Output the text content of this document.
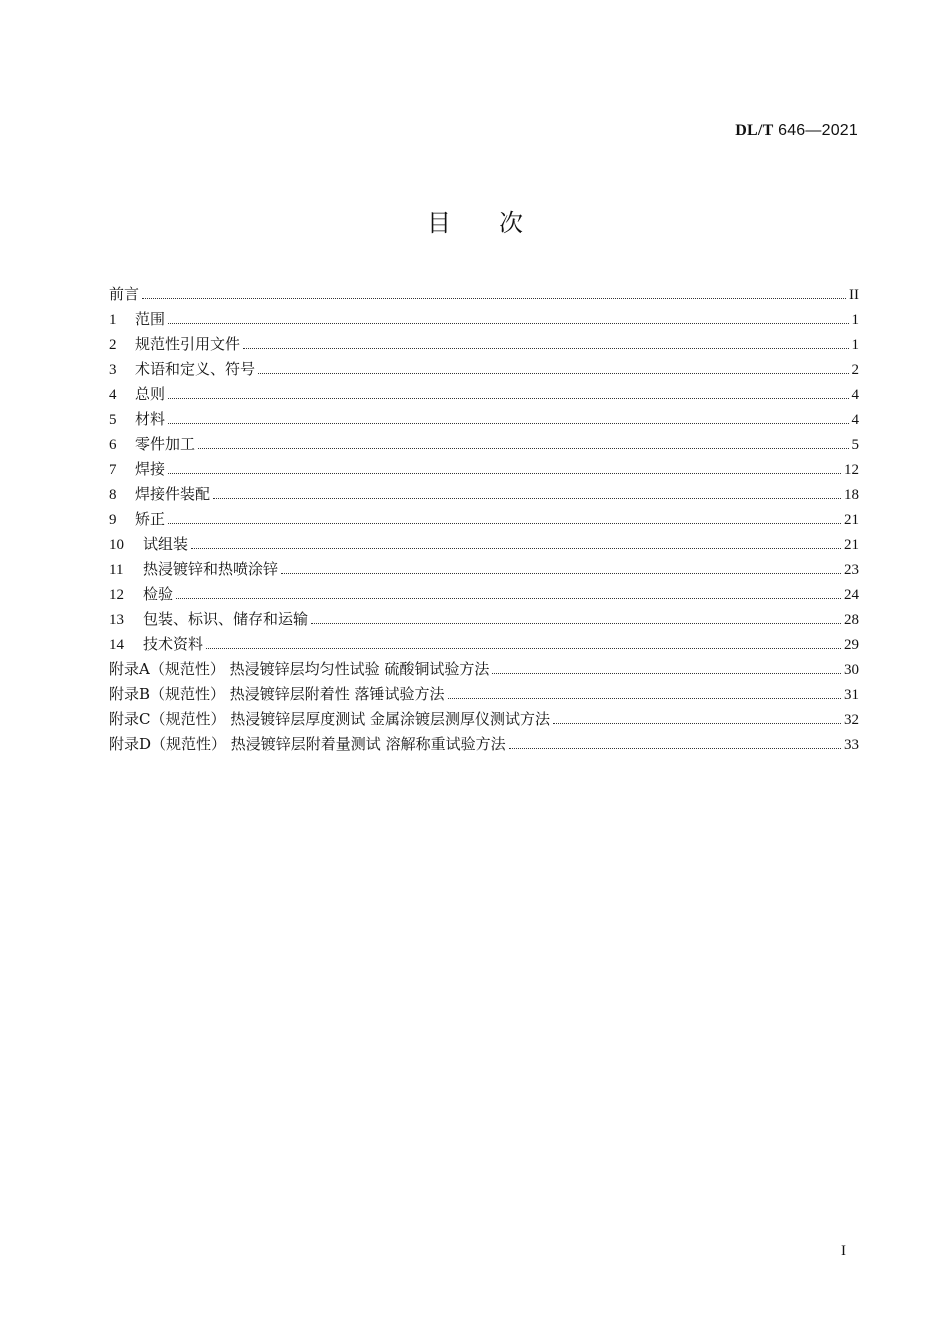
DL/T 646—2021
目次
前言	II
1	范围	1
2	规范性引用文件	1
3	术语和定义、符号	2
4	总则	4
5	材料	4
6	零件加工	5
7	焊接	12
8	焊接件装配	18
9	矫正	21
10	试组装	21
11	热浸镀锌和热喷涂锌	23
12	检验	24
13	包装、标识、储存和运输	28
14	技术资料	29
附录A（规范性） 热浸镀锌层均匀性试验 硫酸铜试验方法	30
附录B（规范性） 热浸镀锌层附着性 落锤试验方法	31
附录C（规范性） 热浸镀锌层厚度测试 金属涂镀层测厚仪测试方法	32
附录D（规范性） 热浸镀锌层附着量测试 溶解称重试验方法	33
I
